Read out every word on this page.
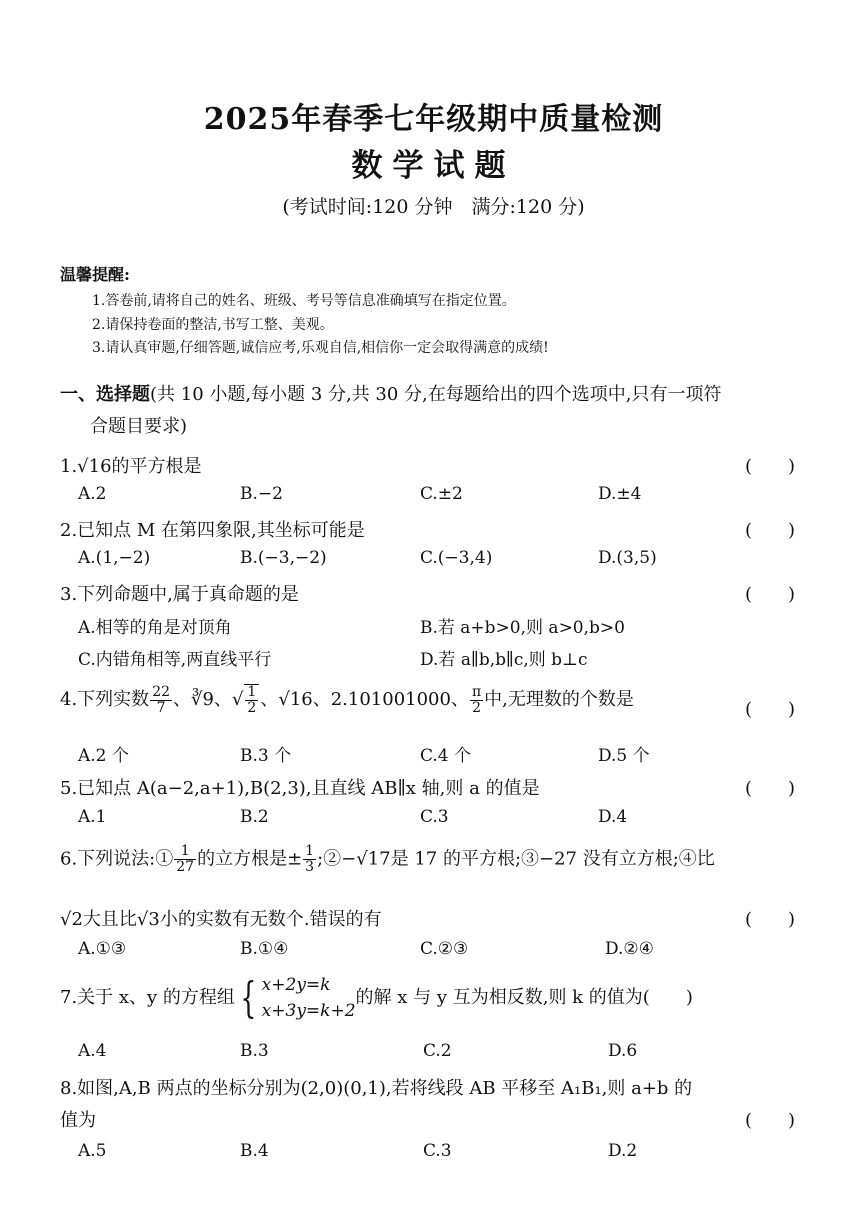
2025年春季七年级期中质量检测
数学试题
(考试时间:120 分钟　满分:120 分)
温馨提醒:
1.答卷前,请将自己的姓名、班级、考号等信息准确填写在指定位置。
2.请保持卷面的整洁,书写工整、美观。
3.请认真审题,仔细答题,诚信应考,乐观自信,相信你一定会取得满意的成绩!
一、选择题(共 10 小题,每小题 3 分,共 30 分,在每题给出的四个选项中,只有一项符
合题目要求)
1.√16的平方根是	(　　)
A.2	B.−2	C.±2	D.±4
2.已知点 M 在第四象限,其坐标可能是	(　　)
A.(1,−2)	B.(−3,−2)	C.(−3,4)	D.(3,5)
3.下列命题中,属于真命题的是	(　　)
A.相等的角是对顶角	B.若 a+b>0,则 a>0,b>0
C.内错角相等,两直线平行	D.若 a∥b,b∥c,则 b⊥c
4.下列实数 $\frac{22}{7}$ 、∛9、√ $\frac{1}{2}$ 、√16、2.101001000、 $\frac{\pi}{2}$ 中,无理数的个数是	(　　)
A.2 个	B.3 个	C.4 个	D.5 个
5.已知点 A(a−2,a+1),B(2,3),且直线 AB∥x 轴,则 a 的值是	(　　)
A.1	B.2	C.3	D.4
6.下列说法:① $\frac{1}{27}$ 的立方根是± $\frac{1}{3}$ ;②−√17是 17 的平方根;③−27 没有立方根;④比
√2大且比√3小的实数有无数个.错误的有	(　　)
A.①③	B.①④	C.②③	D.②④
7.关于 x、y 的方程组 { x+2y=k
x+3y=k+2
的解 x 与 y 互为相反数,则 k 的值为(　　)
A.4	B.3	C.2	D.6
8.如图,A,B 两点的坐标分别为(2,0)(0,1),若将线段 AB 平移至 A₁B₁,则 a+b 的
值为	(　　)
A.5	B.4	C.3	D.2
